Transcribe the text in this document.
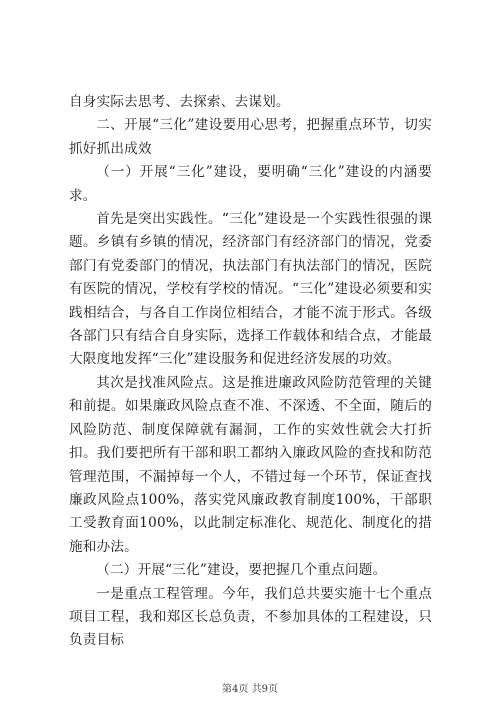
自身实际去思考、去探索、去谋划。

二、开展“三化”建设要用心思考，把握重点环节，切实抓好抓出成效

（一）开展“三化”建设，要明确“三化”建设的内涵要求。

首先是突出实践性。“三化”建设是一个实践性很强的课题。乡镇有乡镇的情况，经济部门有经济部门的情况，党委部门有党委部门的情况，执法部门有执法部门的情况，医院有医院的情况，学校有学校的情况。“三化”建设必须要和实践相结合，与各自工作岗位相结合，才能不流于形式。各级各部门只有结合自身实际，选择工作载体和结合点，才能最大限度地发挥“三化”建设服务和促进经济发展的功效。

其次是找准风险点。这是推进廉政风险防范管理的关键和前提。如果廉政风险点查不准、不深透、不全面，随后的风险防范、制度保障就有漏洞，工作的实效性就会大打折扣。我们要把所有干部和职工都纳入廉政风险的查找和防范管理范围，不漏掉每一个人，不错过每一个环节，保证查找廉政风险点100%，落实党风廉政教育制度100%，干部职工受教育面100%，以此制定标准化、规范化、制度化的措施和办法。

（二）开展“三化”建设，要把握几个重点问题。

一是重点工程管理。今年，我们总共要实施十七个重点项目工程，我和郑区长总负责，不参加具体的工程建设，只负责目标

第4页 共9页
